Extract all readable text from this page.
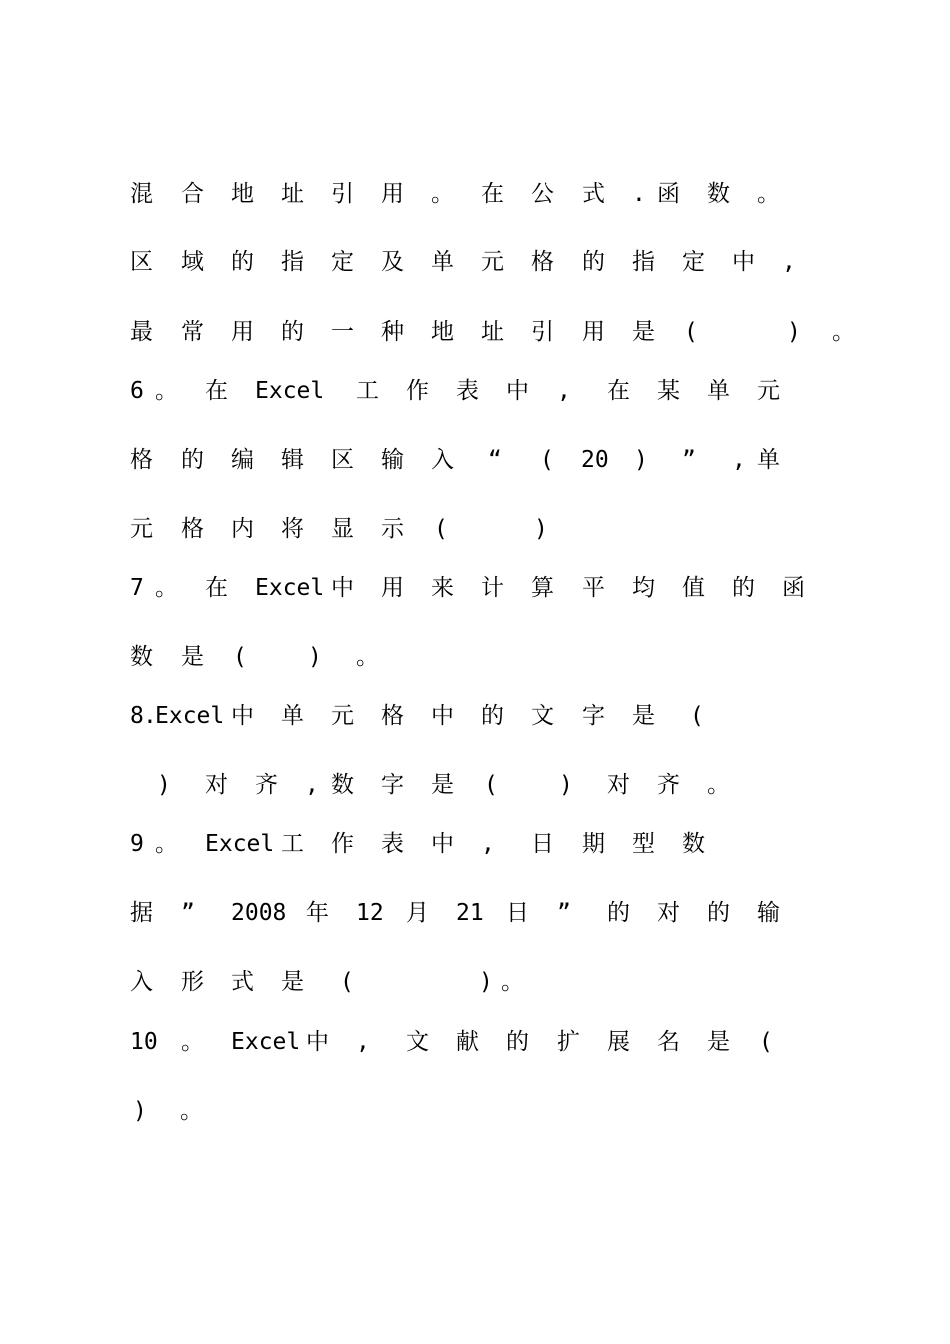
混 合 地 址 引 用 。 在 公 式 . 函 数 。
区 域 的 指 定 及 单 元 格 的 指 定 中 ,
最 常 用 的 一 种 地 址 引 用 是 (	) 。
6 。 在 Excel 工 作 表 中 , 在 某 单 元
格 的 编 辑 区 输 入 “ ( 20 ) ” , 单
元 格 内 将 显 示 (	)
7 。 在 Excel 中 用 来 计 算 平 均 值 的 函
数 是 (	) 。
8 .
Excel 中 单 元 格 中 的 文 字 是 (
) 对 齐 , 数 字 是 (	) 对 齐 。
9 。 Excel 工 作 表 中 , 日 期 型 数
据 ” 2008 年 12 月 21 日 ” 的 对 的 输
入 形 式 是 (	) 。
10 。 Excel 中 , 文 献 的 扩 展 名 是 (
) 。
